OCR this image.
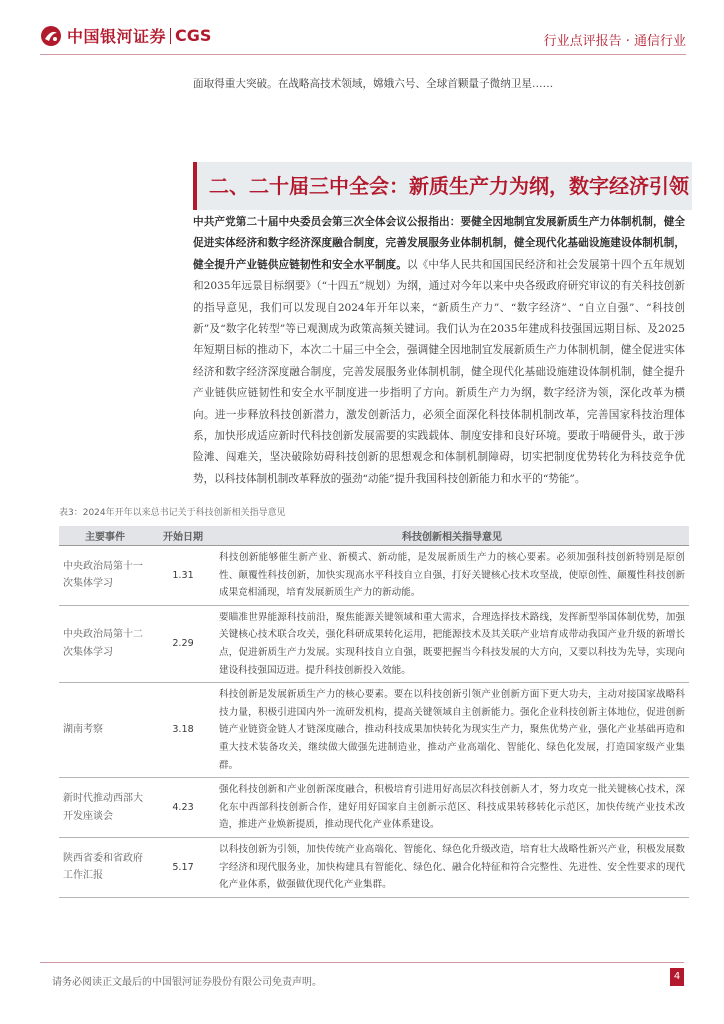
中国银河证券 CGS	行业点评报告 · 通信行业

面取得重大突破。在战略高技术领域，嫦娥六号、全球首颗量子微纳卫星……

二、二十届三中全会：新质生产力为纲，数字经济引领

中共产党第二十届中央委员会第三次全体会议公报指出：要健全因地制宜发展新质生产力体制机制，健全促进实体经济和数字经济深度融合制度，完善发展服务业体制机制，健全现代化基础设施建设体制机制，健全提升产业链供应链韧性和安全水平制度。以《中华人民共和国国民经济和社会发展第十四个五年规划和2035年远景目标纲要》（“十四五”规划）为纲，通过对今年以来中央各级政府研究审议的有关科技创新的指导意见，我们可以发现自2024年开年以来，“新质生产力”、“数字经济”、“自立自强”、“科技创新”及“数字化转型”等已观测成为政策高频关键词。我们认为在2035年建成科技强国远期目标、及2025年短期目标的推动下，本次二十届三中全会，强调健全因地制宜发展新质生产力体制机制，健全促进实体经济和数字经济深度融合制度，完善发展服务业体制机制，健全现代化基础设施建设体制机制，健全提升产业链供应链韧性和安全水平制度进一步指明了方向。新质生产力为纲，数字经济为领，深化改革为横向。进一步释放科技创新潜力，激发创新活力，必须全面深化科技体制机制改革，完善国家科技治理体系，加快形成适应新时代科技创新发展需要的实践载体、制度安排和良好环境。要敢于啃硬骨头，敢于涉险滩、闯难关，坚决破除妨碍科技创新的思想观念和体制机制障碍，切实把制度优势转化为科技竞争优势，以科技体制机制改革释放的强劲“动能”提升我国科技创新能力和水平的“势能”。

表3：2024年开年以来总书记关于科技创新相关指导意见
主要事件	开始日期	科技创新相关指导意见
中央政治局第十一次集体学习	1.31	科技创新能够催生新产业、新模式、新动能，是发展新质生产力的核心要素。必须加强科技创新特别是原创性、颠覆性科技创新，加快实现高水平科技自立自强，打好关键核心技术攻坚战，使原创性、颠覆性科技创新成果竞相涌现，培育发展新质生产力的新动能。
中央政治局第十二次集体学习	2.29	要瞄准世界能源科技前沿，聚焦能源关键领域和重大需求，合理选择技术路线，发挥新型举国体制优势，加强关键核心技术联合攻关，强化科研成果转化运用，把能源技术及其关联产业培育成带动我国产业升级的新增长点，促进新质生产力发展。实现科技自立自强，既要把握当今科技发展的大方向，又要以科技为先导，实现向建设科技强国迈进。提升科技创新投入效能。
湖南考察	3.18	科技创新是发展新质生产力的核心要素。要在以科技创新引领产业创新方面下更大功夫，主动对接国家战略科技力量，积极引进国内外一流研发机构，提高关键领域自主创新能力。强化企业科技创新主体地位，促进创新链产业链资金链人才链深度融合，推动科技成果加快转化为现实生产力，聚焦优势产业，强化产业基础再造和重大技术装备攻关，继续做大做强先进制造业，推动产业高端化、智能化、绿色化发展，打造国家级产业集群。
新时代推动西部大开发座谈会	4.23	强化科技创新和产业创新深度融合，积极培育引进用好高层次科技创新人才，努力攻克一批关键核心技术，深化东中西部科技创新合作，建好用好国家自主创新示范区、科技成果转移转化示范区，加快传统产业技术改造，推进产业焕新提质，推动现代化产业体系建设。
陕西省委和省政府工作汇报	5.17	以科技创新为引领，加快传统产业高端化、智能化、绿色化升级改造，培育壮大战略性新兴产业，积极发展数字经济和现代服务业，加快构建具有智能化、绿色化、融合化特征和符合完整性、先进性、安全性要求的现代化产业体系，做强做优现代化产业集群。
请务必阅读正文最后的中国银河证券股份有限公司免责声明。
4
